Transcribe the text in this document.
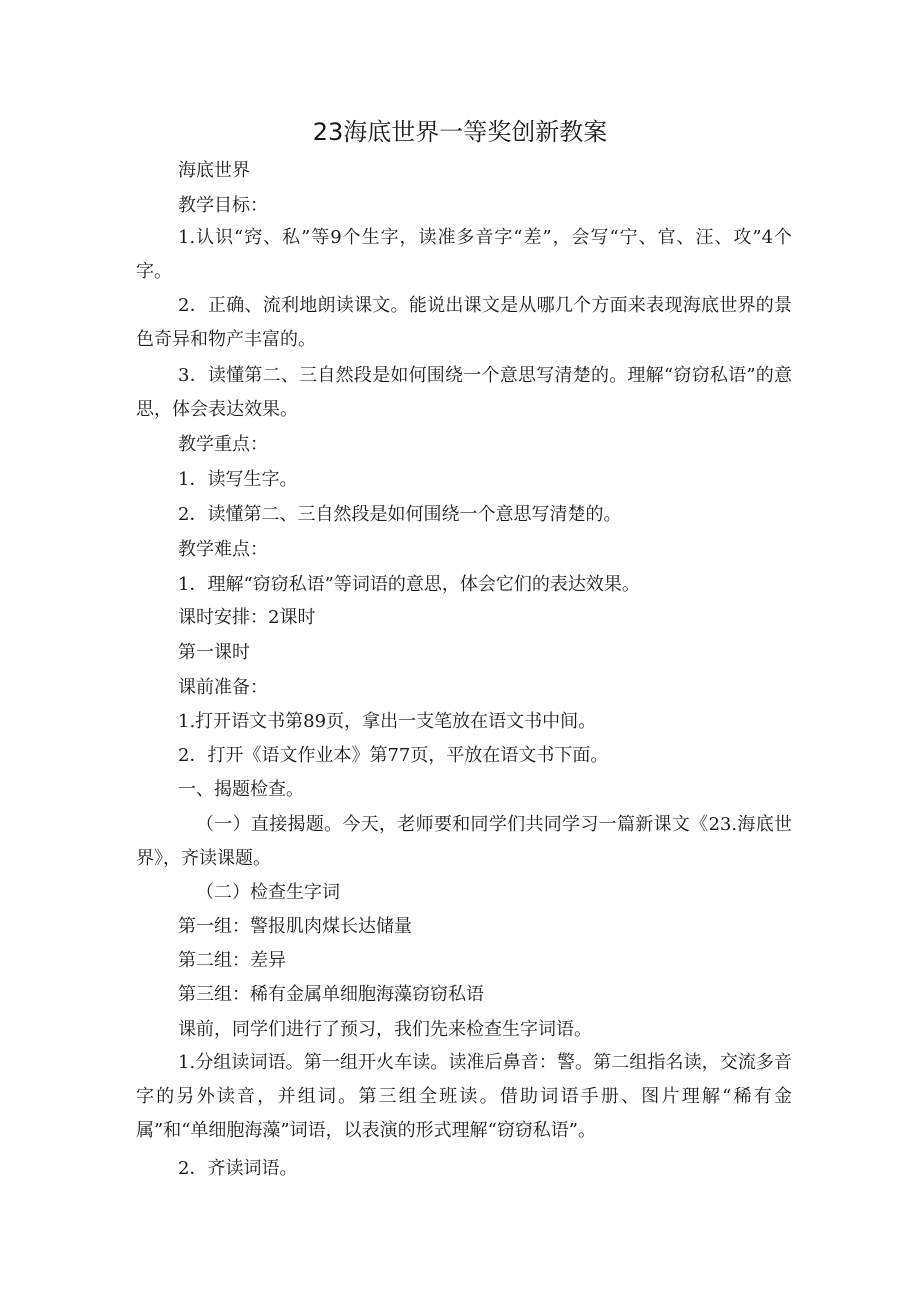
23海底世界一等奖创新教案
海底世界
教学目标：
1.认识“窍、私”等9个生字，读准多音字“差”，会写“宁、官、汪、攻”4个字。
2．正确、流利地朗读课文。能说出课文是从哪几个方面来表现海底世界的景色奇异和物产丰富的。
3．读懂第二、三自然段是如何围绕一个意思写清楚的。理解“窃窃私语”的意思，体会表达效果。
教学重点：
1．读写生字。
2．读懂第二、三自然段是如何围绕一个意思写清楚的。
教学难点：
1．理解“窃窃私语”等词语的意思，体会它们的表达效果。
课时安排：2课时
第一课时
课前准备：
1.打开语文书第89页，拿出一支笔放在语文书中间。
2．打开《语文作业本》第77页，平放在语文书下面。
一、揭题检查。
（一）直接揭题。今天，老师要和同学们共同学习一篇新课文《23.海底世界》，齐读课题。
（二）检查生字词
第一组：警报肌肉煤长达储量
第二组：差异
第三组：稀有金属单细胞海藻窃窃私语
课前，同学们进行了预习，我们先来检查生字词语。
1.分组读词语。第一组开火车读。读准后鼻音：警。第二组指名读，交流多音字的另外读音，并组词。第三组全班读。借助词语手册、图片理解“稀有金属”和“单细胞海藻”词语，以表演的形式理解“窃窃私语”。
2．齐读词语。
